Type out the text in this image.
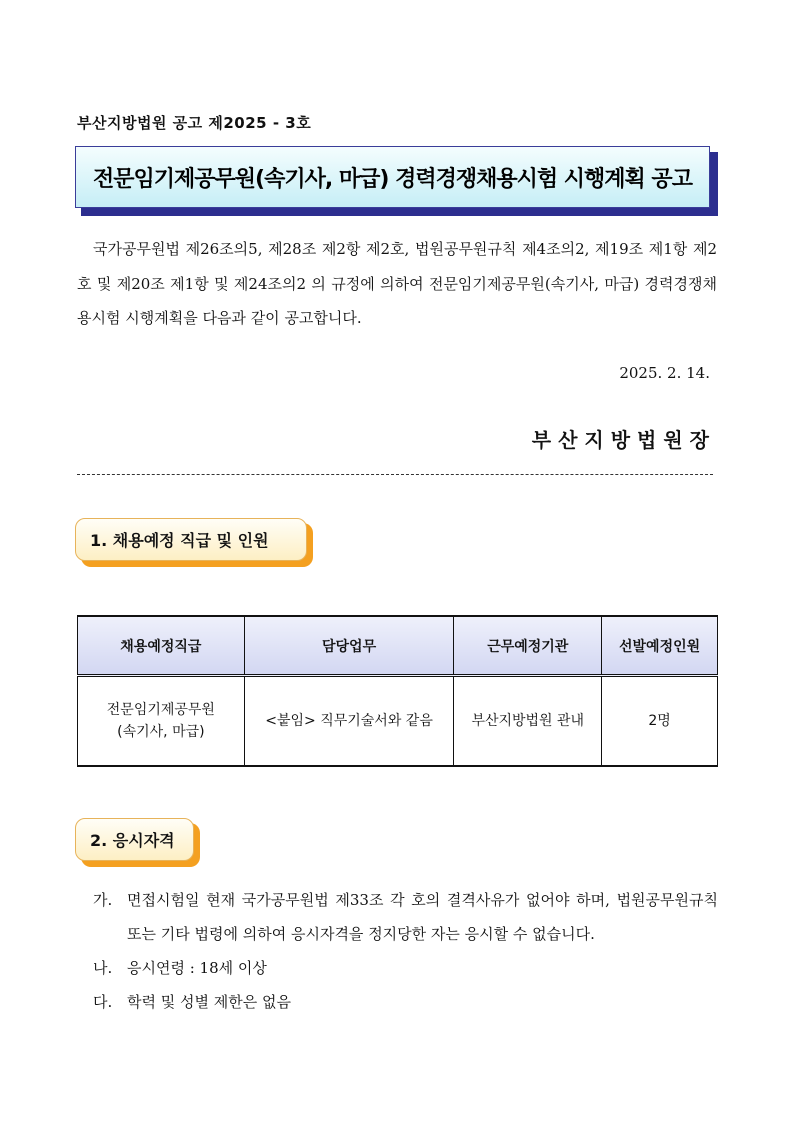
부산지방법원 공고 제2025 - 3호
전문임기제공무원(속기사, 마급) 경력경쟁채용시험 시행계획 공고

국가공무원법 제26조의5, 제28조 제2항 제2호, 법원공무원규칙 제4조의2, 제19조 제1항 제2호 및 제20조 제1항 및 제24조의2 의 규정에 의하여 전문임기제공무원(속기사, 마급) 경력경쟁채용시험 시행계획을 다음과 같이 공고합니다.

2025. 2. 14.
부산지방법원장
1. 채용예정 직급 및 인원
채용예정직급	담당업무	근무예정기관	선발예정인원

전문임기제공무원
(속기사, 마급)	<붙임> 직무기술서와 같음	부산지방법원 관내	2명
2. 응시자격
가. 면접시험일 현재 국가공무원법 제33조 각 호의 결격사유가 없어야 하며, 법원공무원규칙 또는 기타 법령에 의하여 응시자격을 정지당한 자는 응시할 수 없습니다.
나. 응시연령 : 18세 이상
다. 학력 및 성별 제한은 없음
